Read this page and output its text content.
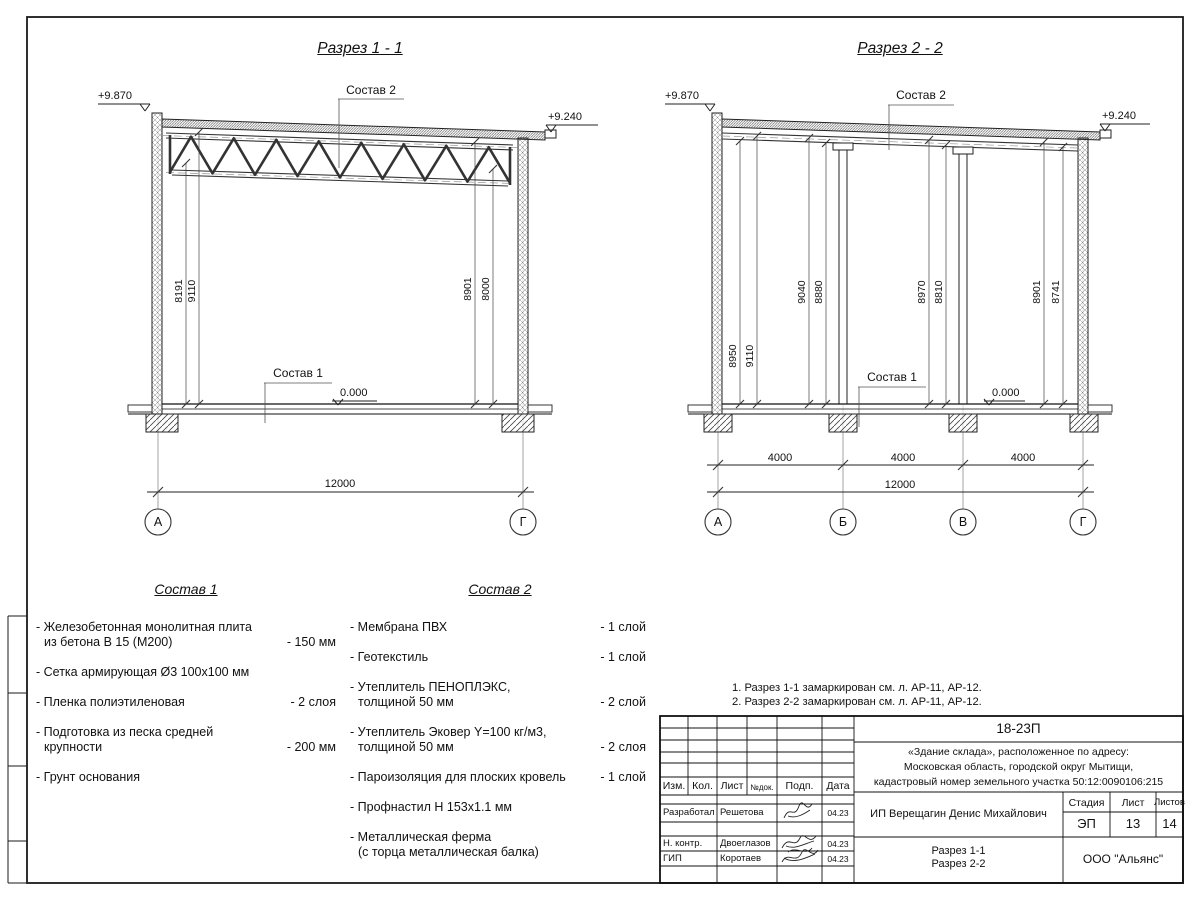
Разрез 1 - 1
+9.870
+9.240
Состав 2
Состав 1
0.000
8191 9110	8901 8000
12000
А	Г
Разрез 2 - 2
+9.870
+9.240
Состав 2
Состав 1
0.000
8950 9110
9040 8880	8970 8810	8901 8741
4000	4000	4000
12000
А	Б	В	Г
Состав 1
- Железобетонная монолитная плита
из бетона В 15 (М200)	- 150 мм
- Сетка армирующая Ø3 100х100 мм
- Пленка полиэтиленовая	- 2 слоя
- Подготовка из песка средней
крупности	- 200 мм
- Грунт основания
Состав 2
- Мембрана ПВХ	- 1 слой
- Геотекстиль	- 1 слой
- Утеплитель ПЕНОПЛЭКС,
толщиной 50 мм	- 2 слой
- Утеплитель Эковер Y=100 кг/м3,
толщиной 50 мм	- 2 слоя
- Пароизоляция для плоских кровель	- 1 слой
- Профнастил Н 153х1.1 мм
- Металлическая ферма
(с торца металлическая балка)
1. Разрез 1-1 замаркирован см. л. АР-11, АР-12.
2. Разрез 2-2 замаркирован см. л. АР-11, АР-12.
Изм. Кол. Лист №док.	Подп.	Дата
Разработал Решетова	04.23
Н. контр. Двоеглазов	04.23
ГИП	Коротаев	04.23
18-23П
«Здание склада», расположенное по адресу:
Московская область, городской округ Мытищи,
кадастровый номер земельного участка 50:12:0090106:215
ИП Верещагин Денис Михайлович
Стадия	Лист	Листов
ЭП	13	14
Разрез 1-1
Разрез 2-2	ООО "Альянс"
